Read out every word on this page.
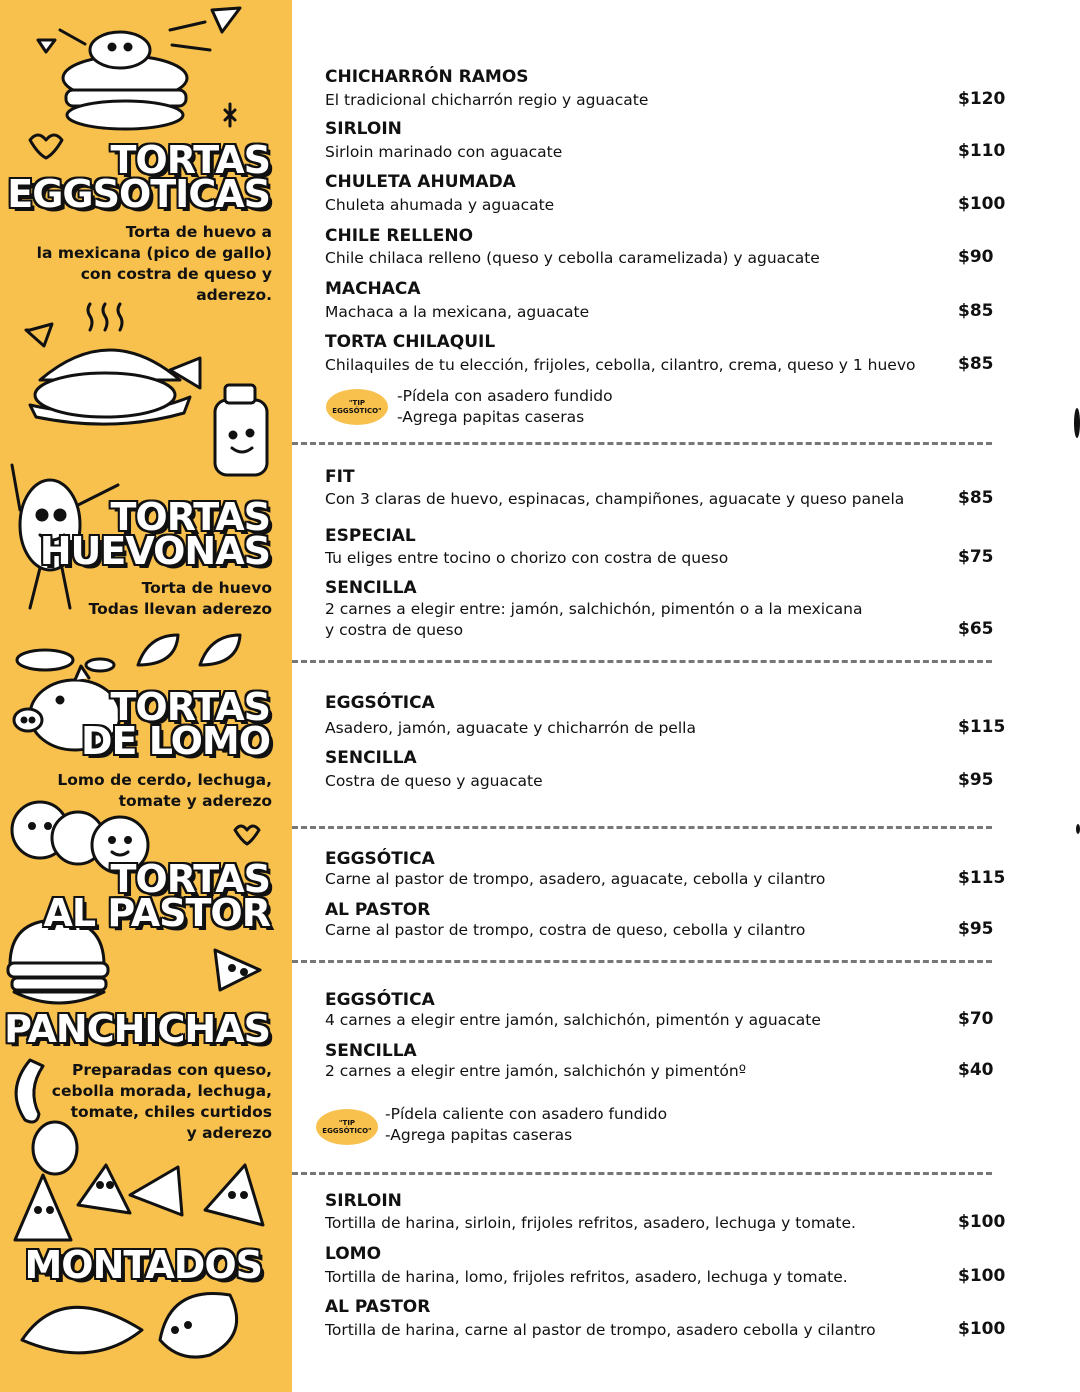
TORTAS
EGGSOTICAS
Torta de huevo a
la mexicana (pico de gallo)
con costra de queso y
aderezo.
TORTAS
HUEVONAS
Torta de huevo
Todas llevan aderezo
TORTAS
DE LOMO
Lomo de cerdo, lechuga,
tomate y aderezo
TORTAS
AL PASTOR
PANCHICHAS
Preparadas con queso,
cebolla morada, lechuga,
tomate, chiles curtidos
y aderezo
MONTADOS
CHICHARRÓN RAMOS
El tradicional chicharrón regio y aguacate	$120
SIRLOIN
Sirloin marinado con aguacate	$110
CHULETA AHUMADA
Chuleta ahumada y aguacate	$100
CHILE RELLENO
Chile chilaca relleno (queso y cebolla caramelizada) y aguacate	$90
MACHACA
Machaca a la mexicana, aguacate	$85
TORTA CHILAQUIL
Chilaquiles de tu elección, frijoles, cebolla, cilantro, crema, queso y 1 huevo	$85
"TIP
EGGSÓTICO"
-Pídela con asadero fundido
-Agrega papitas caseras
FIT
Con 3 claras de huevo, espinacas, champiñones, aguacate y queso panela	$85
ESPECIAL
Tu eliges entre tocino o chorizo con costra de queso	$75
SENCILLA
2 carnes a elegir entre: jamón, salchichón, pimentón o a la mexicana
y costra de queso	$65
EGGSÓTICA
Asadero, jamón, aguacate y chicharrón de pella	$115
SENCILLA
Costra de queso y aguacate	$95
EGGSÓTICA
Carne al pastor de trompo, asadero, aguacate, cebolla y cilantro	$115
AL PASTOR
Carne al pastor de trompo, costra de queso, cebolla y cilantro	$95
EGGSÓTICA
4 carnes a elegir entre jamón, salchichón, pimentón y aguacate	$70
SENCILLA
2 carnes a elegir entre jamón, salchichón y pimentónº	$40
"TIP
EGGSÓTICO"
-Pídela caliente con asadero fundido
-Agrega papitas caseras
SIRLOIN
Tortilla de harina, sirloin, frijoles refritos, asadero, lechuga y tomate.	$100
LOMO
Tortilla de harina, lomo, frijoles refritos, asadero, lechuga y tomate.	$100
AL PASTOR
Tortilla de harina, carne al pastor de trompo, asadero cebolla y cilantro	$100
